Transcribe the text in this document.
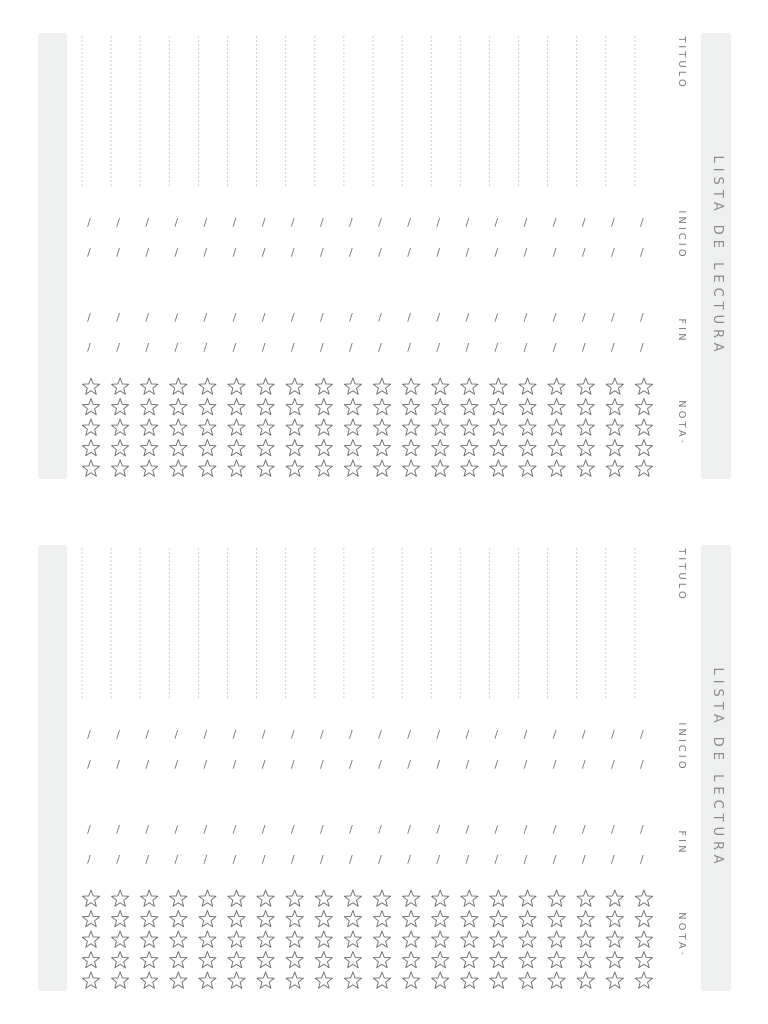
/
/
/
/
/
/
/
/
/
/
/
/
/
/
/
/
/
/
/
/
/
/
/
/
/
/
/
/
/
/
/
/
/
/
/
/
/
/
/
/
/
/
/
/
/
/
/
/
/
/
/
/
/
/
/
/
/
/
/
/
/
/
/
/
/
/
/
/
/
/
/
/
/
/
/
/
/
/
/
/	LISTA DE LECTURA
TITULO
INICIO
FIN
NOTA·
/
/
/
/
/
/
/
/
/
/
/
/
/
/
/
/
/
/
/
/
/
/
/
/
/
/
/
/
/
/
/
/
/
/
/
/
/
/
/
/
/
/
/
/
/
/
/
/
/
/
/
/
/
/
/
/
/
/
/
/
/
/
/
/
/
/
/
/
/
/
/
/
/
/
/
/
/
/
/
/	LISTA DE LECTURA
TITULO
INICIO
FIN
NOTA·
